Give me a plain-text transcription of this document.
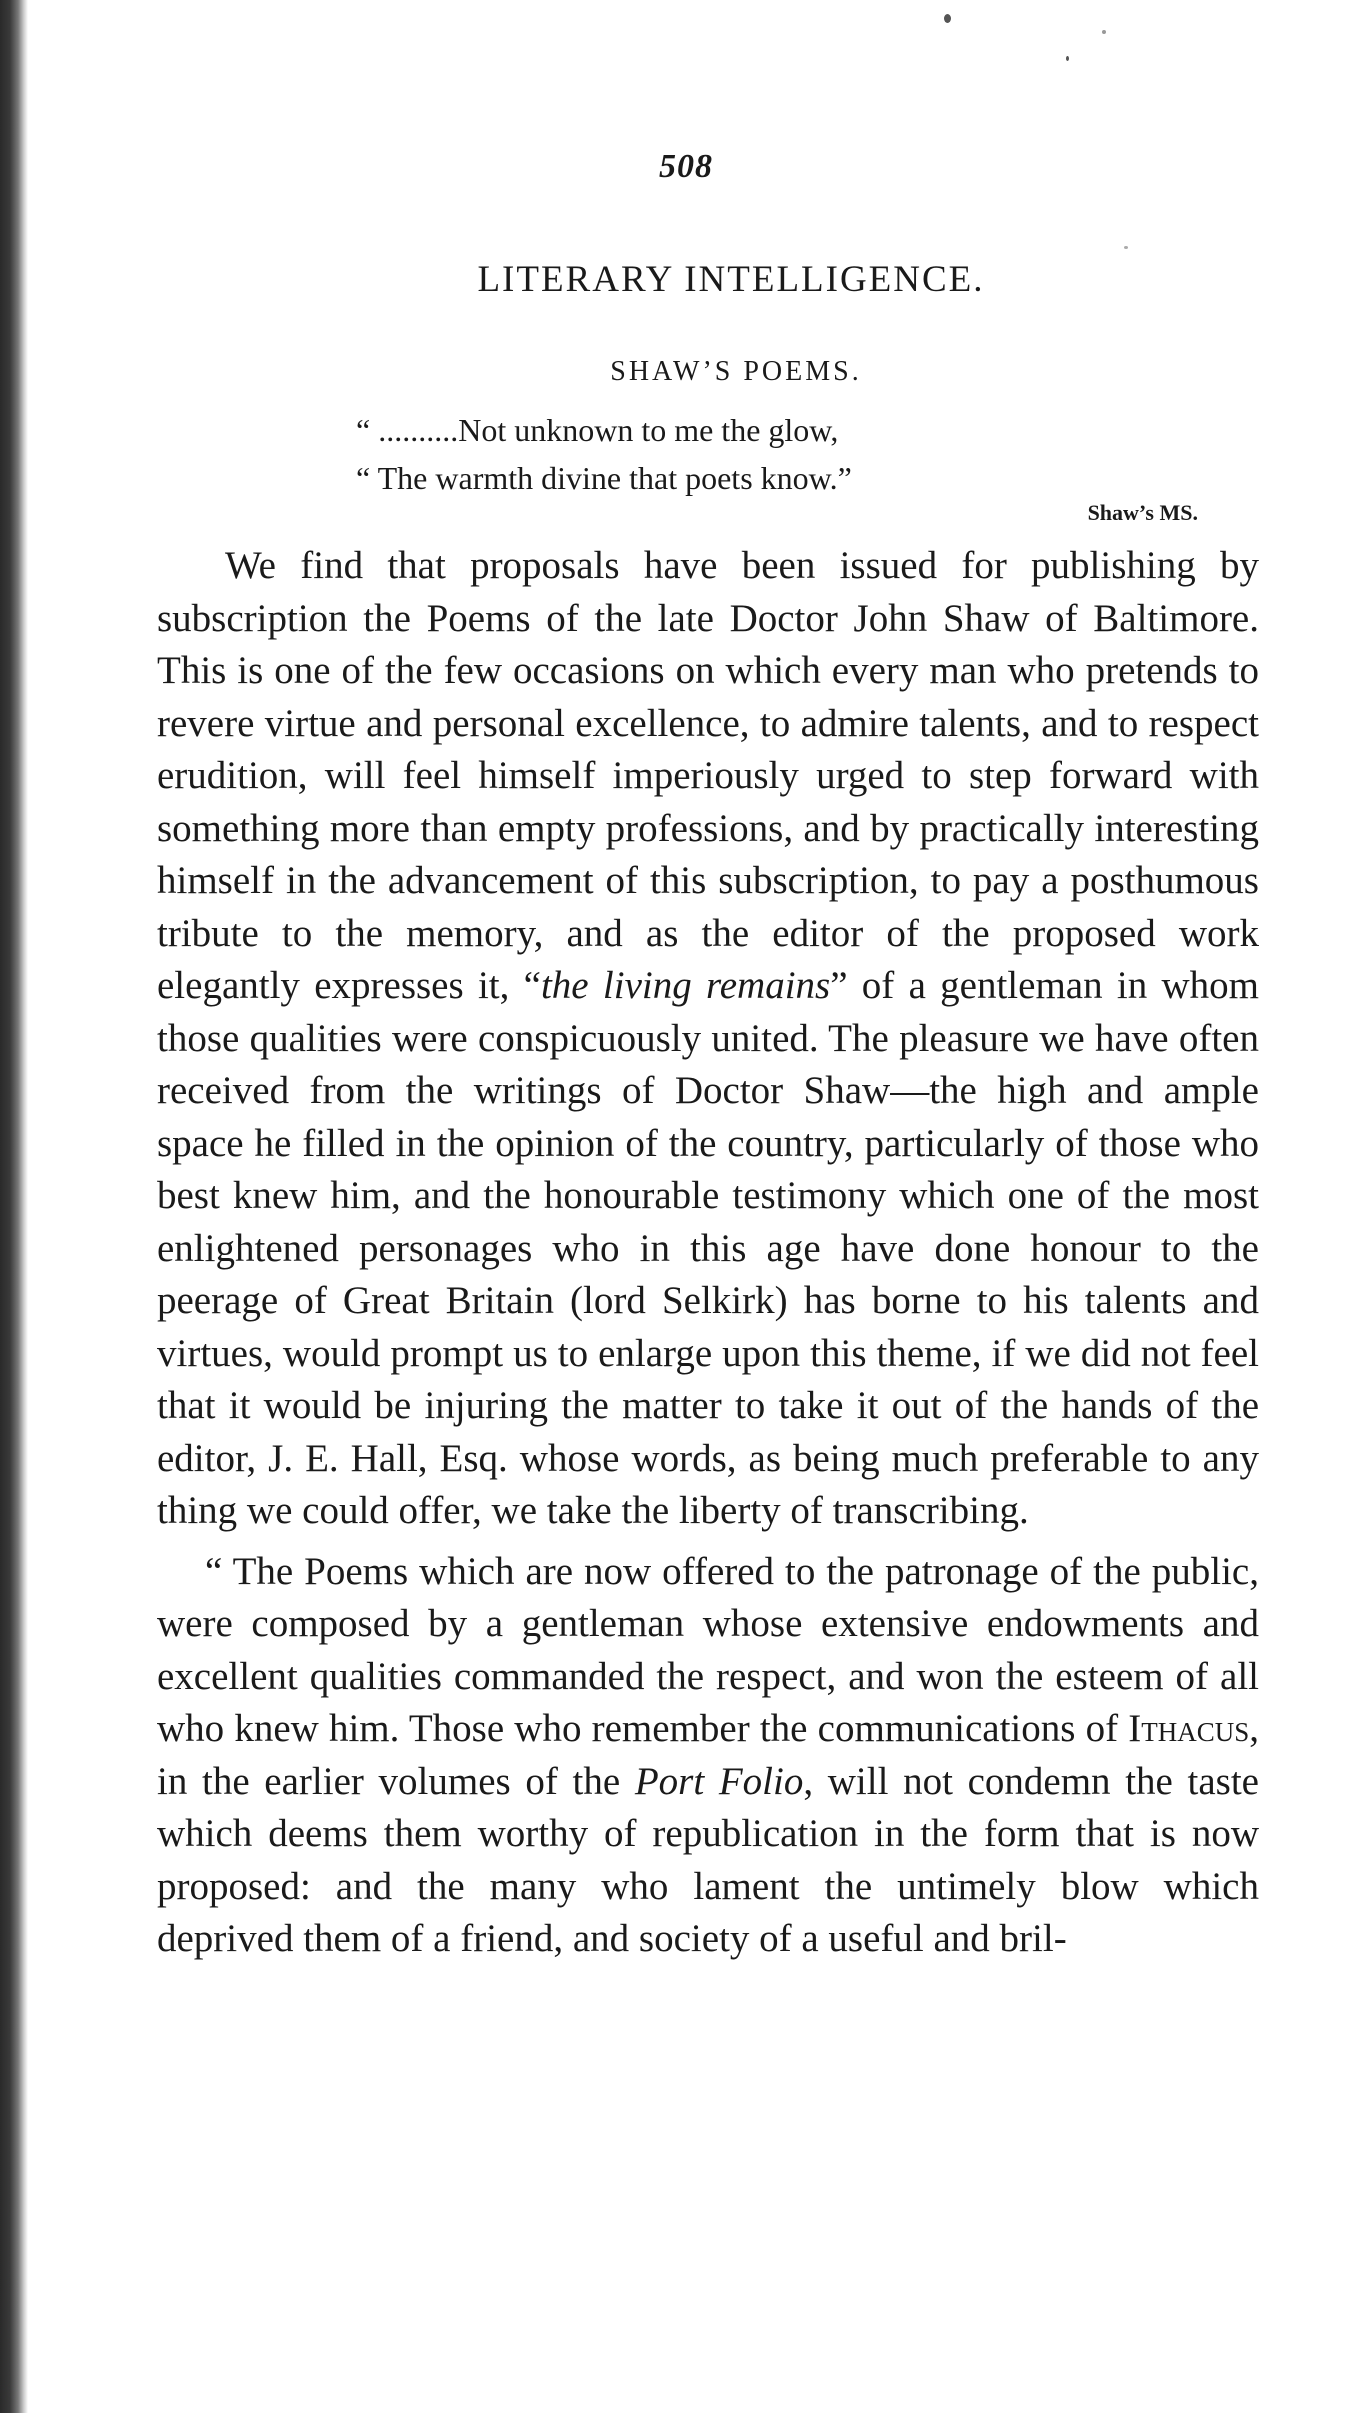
508
LITERARY INTELLIGENCE.
SHAW’S POEMS.
“ ..........Not unknown to me the glow,
“ The warmth divine that poets know.”
Shaw’s MS.

We find that proposals have been issued for publishing by subscription the Poems of the late Doctor John Shaw of Baltimore. This is one of the few occasions on which every man who pretends to revere virtue and personal excellence, to admire talents, and to respect erudition, will feel himself imperiously urged to step forward with something more than empty professions, and by practically interesting himself in the advancement of this subscription, to pay a posthumous tribute to the memory, and as the editor of the proposed work elegantly expresses it, “the living remains” of a gentleman in whom those qualities were conspicuously united. The pleasure we have often received from the writings of Doctor Shaw—the high and ample space he filled in the opinion of the country, particularly of those who best knew him, and the honourable testimony which one of the most enlightened personages who in this age have done honour to the peerage of Great Britain (lord Selkirk) has borne to his talents and virtues, would prompt us to enlarge upon this theme, if we did not feel that it would be injuring the matter to take it out of the hands of the editor, J. E. Hall, Esq. whose words, as being much preferable to any thing we could offer, we take the liberty of transcribing.

“ The Poems which are now offered to the patronage of the public, were composed by a gentleman whose extensive endowments and excellent qualities commanded the respect, and won the esteem of all who knew him. Those who remember the communications of Ithacus, in the earlier volumes of the Port Folio, will not condemn the taste which deems them worthy of republication in the form that is now proposed: and the many who lament the untimely blow which deprived them of a friend, and society of a useful and bril-
